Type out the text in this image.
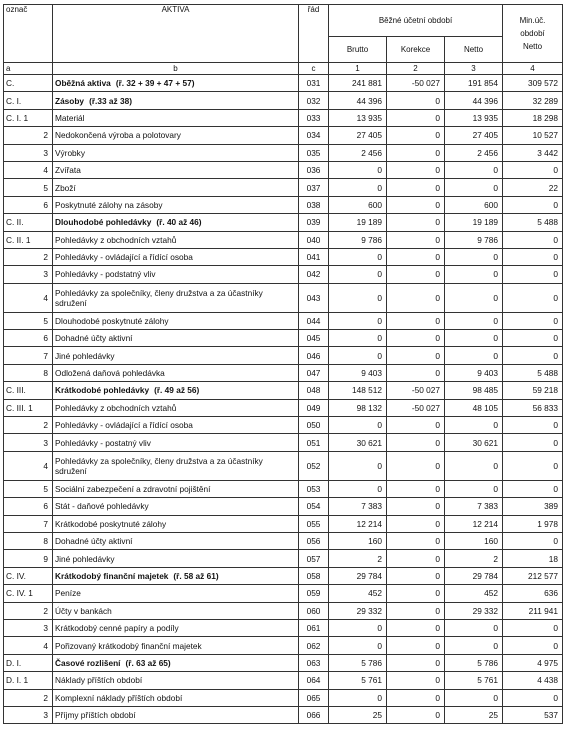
označ	AKTIVA	řád	Běžné účetní období			Min.úč.
období
Netto

			Brutto	Korekce	Netto	
a	b	c	1	2	3	4
C.	Oběžná aktiva (ř. 32 + 39 + 47 + 57)	031	241 881	-50 027	191 854	309 572
C. I.	Zásoby (ř.33 až 38)	032	44 396	0	44 396	32 289
C. I. 1	Materiál	033	13 935	0	13 935	18 298
2	Nedokončená výroba a polotovary	034	27 405	0	27 405	10 527
3	Výrobky	035	2 456	0	2 456	3 442
4	Zvířata	036	0	0	0	0
5	Zboží	037	0	0	0	22
6	Poskytnuté zálohy na zásoby	038	600	0	600	0
C. II.	Dlouhodobé pohledávky (ř. 40 až 46)	039	19 189	0	19 189	5 488
C. II. 1	Pohledávky z obchodních vztahů	040	9 786	0	9 786	0
2	Pohledávky - ovládající a řídící osoba	041	0	0	0	0
3	Pohledávky - podstatný vliv	042	0	0	0	0
4	Pohledávky za společníky, členy družstva a za účastníky sdružení	043	0	0	0	0
5	Dlouhodobé poskytnuté zálohy	044	0	0	0	0
6	Dohadné účty aktivní	045	0	0	0	0
7	Jiné pohledávky	046	0	0	0	0
8	Odložená daňová pohledávka	047	9 403	0	9 403	5 488
C. III.	Krátkodobé pohledávky (ř. 49 až 56)	048	148 512	-50 027	98 485	59 218
C. III. 1	Pohledávky z obchodních vztahů	049	98 132	-50 027	48 105	56 833
2	Pohledávky - ovládající a řídící osoba	050	0	0	0	0
3	Pohledávky - postatný vliv	051	30 621	0	30 621	0
4	Pohledávky za společníky, členy družstva a za účastníky sdružení	052	0	0	0	0
5	Sociální zabezpečení a zdravotní pojištění	053	0	0	0	0
6	Stát - daňové pohledávky	054	7 383	0	7 383	389
7	Krátkodobé poskytnuté zálohy	055	12 214	0	12 214	1 978
8	Dohadné účty aktivní	056	160	0	160	0
9	Jiné pohledávky	057	2	0	2	18
C. IV.	Krátkodobý finanční majetek (ř. 58 až 61)	058	29 784	0	29 784	212 577
C. IV. 1	Peníze	059	452	0	452	636
2	Účty v bankách	060	29 332	0	29 332	211 941
3	Krátkodobý cenné papíry a podíly	061	0	0	0	0
4	Pořizovaný krátkodobý finanční majetek	062	0	0	0	0
D. I.	Časové rozlišení (ř. 63 až 65)	063	5 786	0	5 786	4 975
D. I. 1	Náklady příštích období	064	5 761	0	5 761	4 438
2	Komplexní náklady příštích období	065	0	0	0	0
3	Příjmy příštích období	066	25	0	25	537
